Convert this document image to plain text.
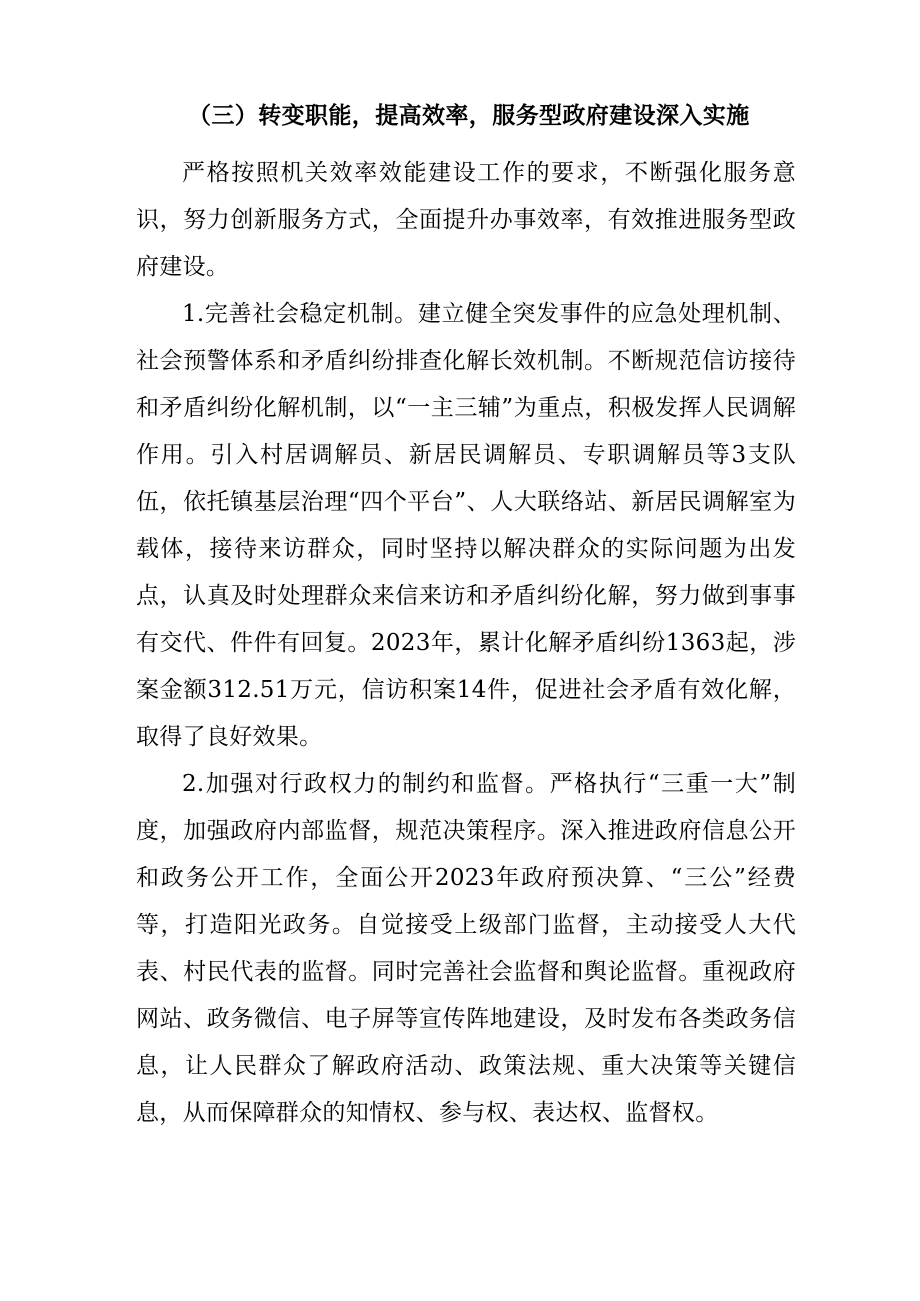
（三）转变职能，提高效率，服务型政府建设深入实施

严格按照机关效率效能建设工作的要求，不断强化服务意识，努力创新服务方式，全面提升办事效率，有效推进服务型政府建设。

1.完善社会稳定机制。建立健全突发事件的应急处理机制、社会预警体系和矛盾纠纷排查化解长效机制。不断规范信访接待和矛盾纠纷化解机制，以“一主三辅”为重点，积极发挥人民调解作用。引入村居调解员、新居民调解员、专职调解员等3支队伍，依托镇基层治理“四个平台”、人大联络站、新居民调解室为载体，接待来访群众，同时坚持以解决群众的实际问题为出发点，认真及时处理群众来信来访和矛盾纠纷化解，努力做到事事有交代、件件有回复。2023年，累计化解矛盾纠纷1363起，涉案金额312.51万元，信访积案14件，促进社会矛盾有效化解，取得了良好效果。

2.加强对行政权力的制约和监督。严格执行“三重一大”制度，加强政府内部监督，规范决策程序。深入推进政府信息公开和政务公开工作，全面公开2023年政府预决算、“三公”经费等，打造阳光政务。自觉接受上级部门监督，主动接受人大代表、村民代表的监督。同时完善社会监督和舆论监督。重视政府网站、政务微信、电子屏等宣传阵地建设，及时发布各类政务信息，让人民群众了解政府活动、政策法规、重大决策等关键信息，从而保障群众的知情权、参与权、表达权、监督权。
